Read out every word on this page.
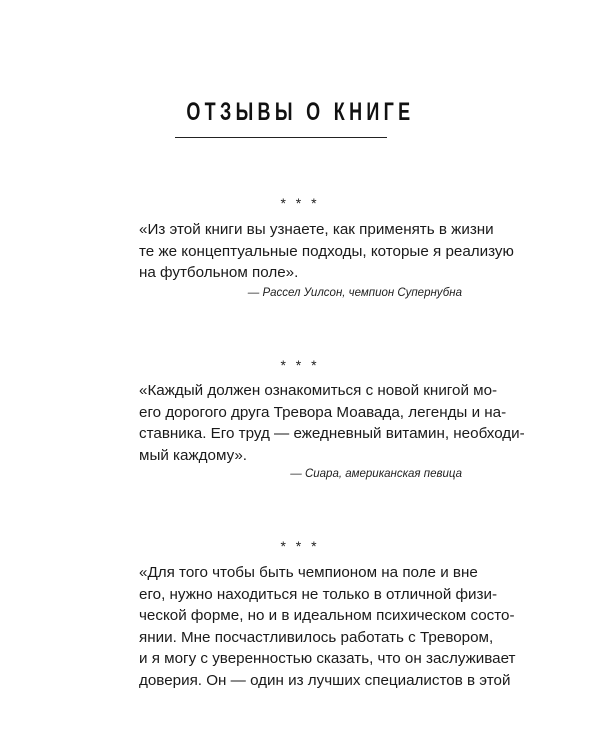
ОТЗЫВЫ О КНИГЕ
* * *

«Из этой книги вы узнаете, как применять в жизни
те же концептуальные подходы, которые я реализую
на футбольном поле».

— Рассел Уилсон, чемпион Супернубна
* * *

«Каждый должен ознакомиться с новой книгой мо-
его дорогого друга Тревора Моавада, легенды и на-
ставника. Его труд — ежедневный витамин, необходи-
мый каждому».

— Сиара, американская певица
* * *

«Для того чтобы быть чемпионом на поле и вне
его, нужно находиться не только в отличной физи-
ческой форме, но и в идеальном психическом состо-
янии. Мне посчастливилось работать с Тревором,
и я могу с уверенностью сказать, что он заслуживает
доверия. Он — один из лучших специалистов в этой
